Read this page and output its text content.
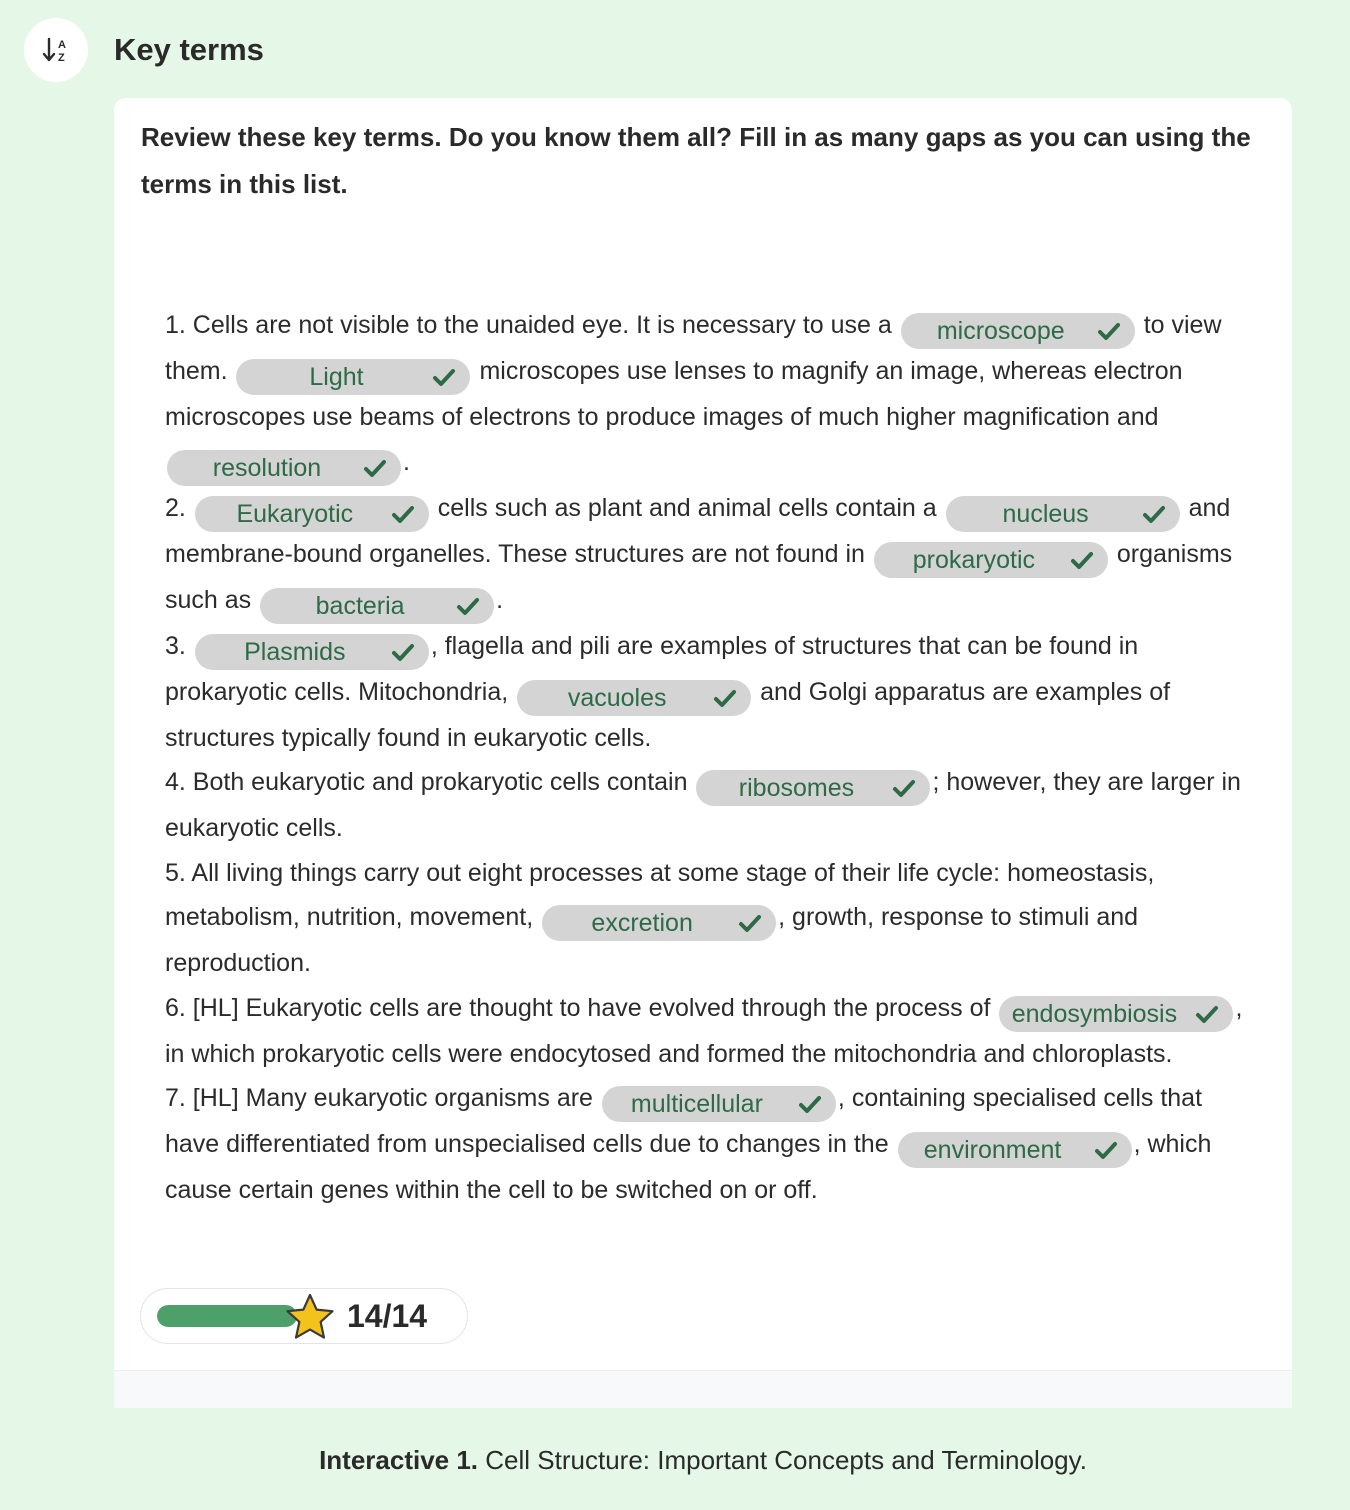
A
Z Key terms
Review these key terms. Do you know them all? Fill in as many gaps as you can using the terms in this list.

1. Cells are not visible to the unaided eye. It is necessary to use a microscope	to view them.	Light	microscopes use lenses to magnify an image, whereas electron microscopes use beams of electrons to produce images of much higher magnification and resolution	.

2. Eukaryotic	cells such as plant and animal cells contain a	nucleus	and membrane-bound organelles. These structures are not found in prokaryotic	organisms such as	bacteria	.

3. Plasmids	, flagella and pili are examples of structures that can be found in prokaryotic cells. Mitochondria, vacuoles	and Golgi apparatus are examples of structures typically found in eukaryotic cells.

4. Both eukaryotic and prokaryotic cells contain ribosomes	; however, they are larger in eukaryotic cells.

5. All living things carry out eight processes at some stage of their life cycle: homeostasis, metabolism, nutrition, movement, excretion	, growth, response to stimuli and reproduction.

6. [HL] Eukaryotic cells are thought to have evolved through the process of endosymbiosis , in which prokaryotic cells were endocytosed and formed the mitochondria and chloroplasts.

7. [HL] Many eukaryotic organisms are multicellular	, containing specialised cells that have differentiated from unspecialised cells due to changes in the environment	, which cause certain genes within the cell to be switched on or off.

14/14
Interactive 1. Cell Structure: Important Concepts and Terminology.
